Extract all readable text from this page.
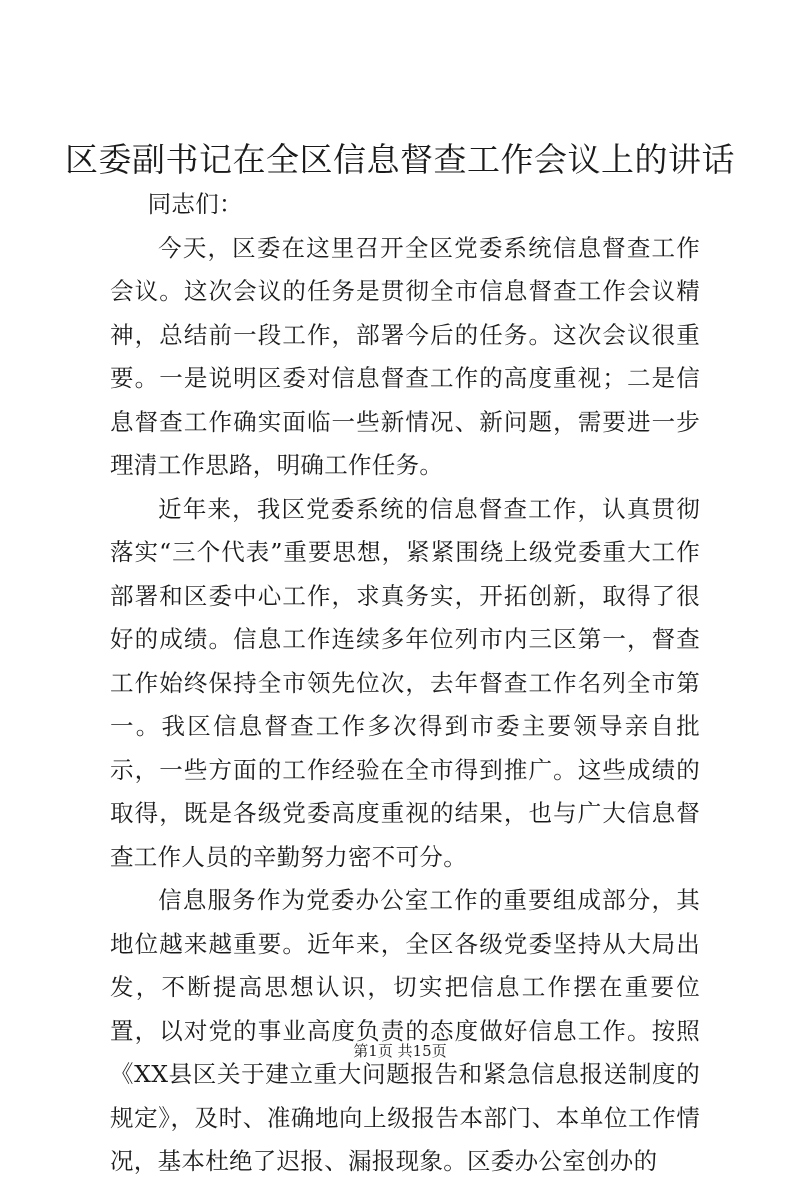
区委副书记在全区信息督查工作会议上的讲话

同志们：

今天，区委在这里召开全区党委系统信息督查工作会议。这次会议的任务是贯彻全市信息督查工作会议精神，总结前一段工作，部署今后的任务。这次会议很重要。一是说明区委对信息督查工作的高度重视；二是信息督查工作确实面临一些新情况、新问题，需要进一步理清工作思路，明确工作任务。

近年来，我区党委系统的信息督查工作，认真贯彻落实“三个代表”重要思想，紧紧围绕上级党委重大工作部署和区委中心工作，求真务实，开拓创新，取得了很好的成绩。信息工作连续多年位列市内三区第一，督查工作始终保持全市领先位次，去年督查工作名列全市第一。我区信息督查工作多次得到市委主要领导亲自批示，一些方面的工作经验在全市得到推广。这些成绩的取得，既是各级党委高度重视的结果，也与广大信息督查工作人员的辛勤努力密不可分。

信息服务作为党委办公室工作的重要组成部分，其地位越来越重要。近年来，全区各级党委坚持从大局出发，不断提高思想认识，切实把信息工作摆在重要位置，以对党的事业高度负责的态度做好信息工作。按照《XX县区关于建立重大问题报告和紧急信息报送制度的规定》，及时、准确地向上级报告本部门、本单位工作情况，基本杜绝了迟报、漏报现象。区委办公室创办的

第1页 共15页
